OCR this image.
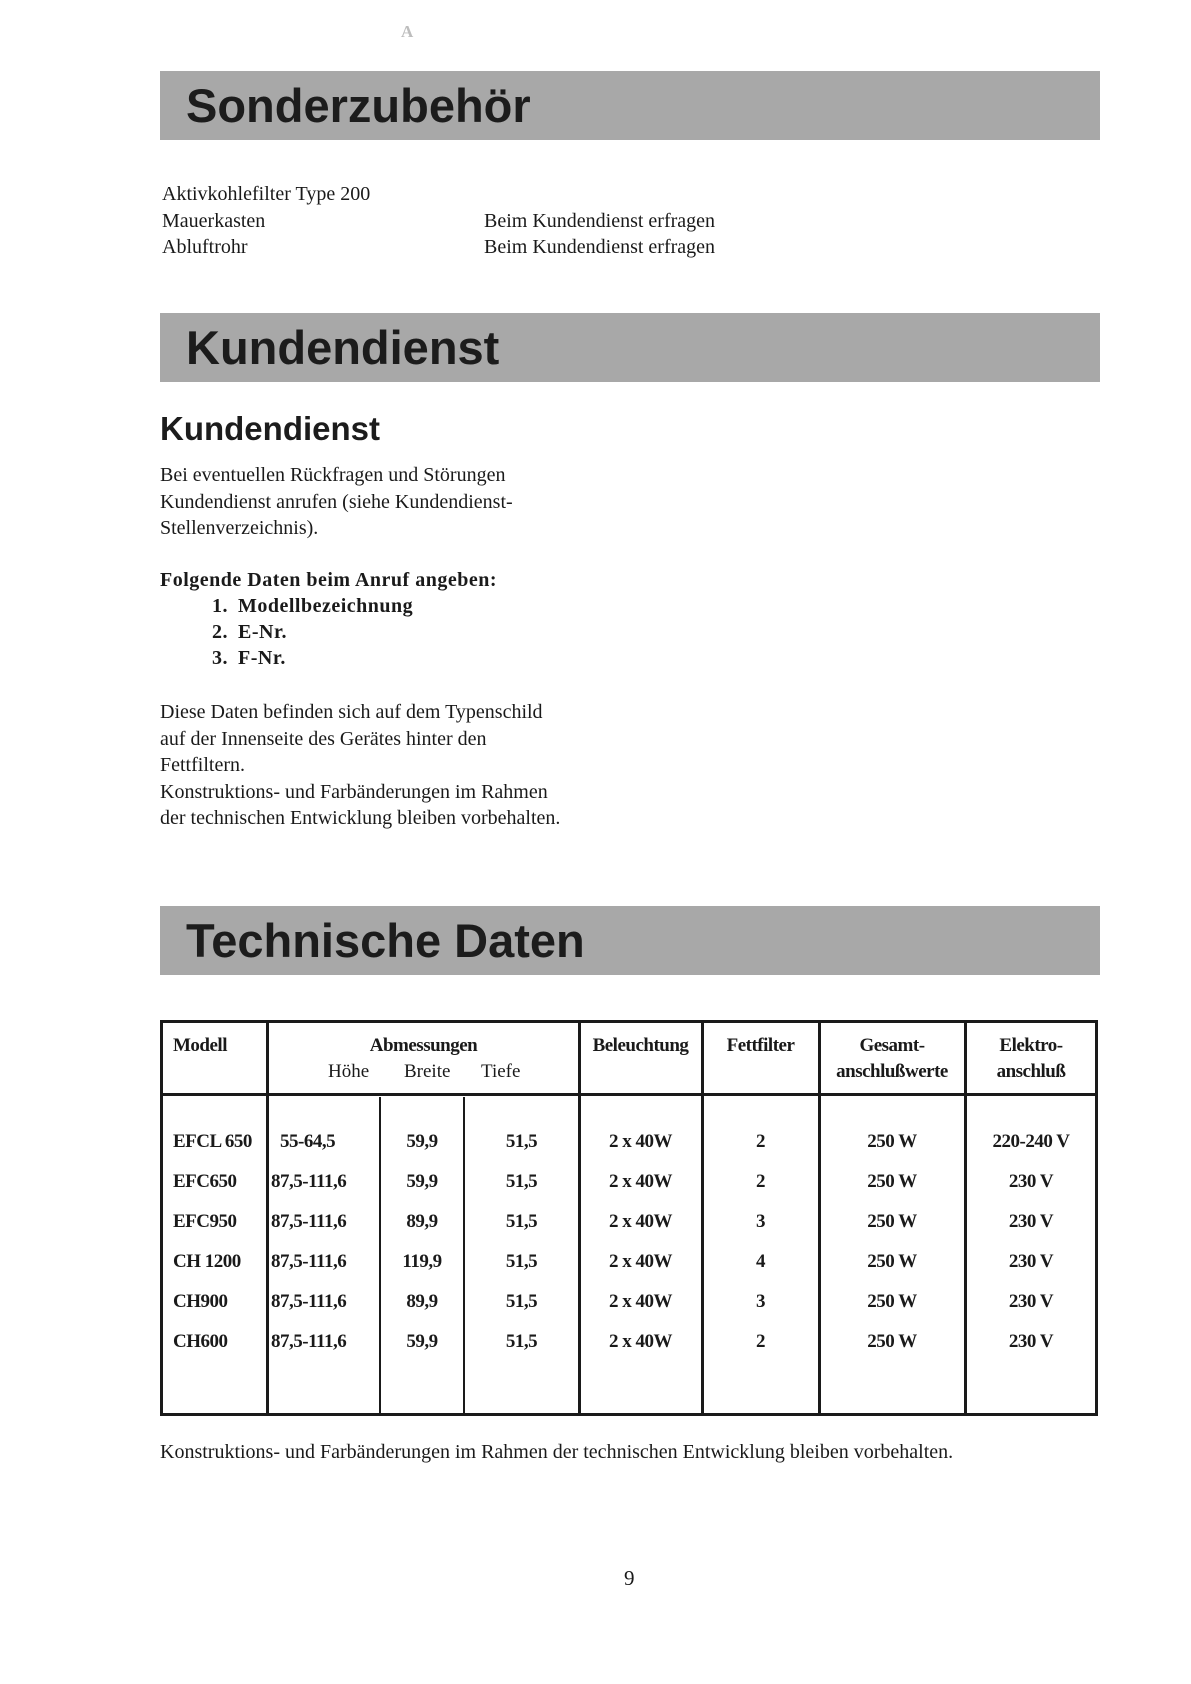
A
Sonderzubehör
Aktivkohlefilter Type 200
Mauerkasten	Beim Kundendienst erfragen
Abluftrohr	Beim Kundendienst erfragen
Kundendienst
Kundendienst
Bei eventuellen Rückfragen und Störungen
Kundendienst anrufen (siehe Kundendienst-
Stellenverzeichnis).
Folgende Daten beim Anruf angeben:
1. Modellbezeichnung
2. E-Nr.
3. F-Nr.
Diese Daten befinden sich auf dem Typenschild
auf der Innenseite des Gerätes hinter den
Fettfiltern.
Konstruktions- und Farbänderungen im Rahmen
der technischen Entwicklung bleiben vorbehalten.
Technische Daten
Modell	Abmessungen
Höhe Breite Tiefe
Beleuchtung	Fettfilter	Gesamt-
anschlußwerte
Elektro-
anschluß
EFCL 650 55-64,5	59,9	51,5	2 x 40W	2	250 W	220-240 V
EFC650 87,5-111,6	59,9	51,5	2 x 40W	2	250 W	230 V
EFC950 87,5-111,6	89,9	51,5	2 x 40W	3	250 W	230 V
CH 1200 87,5-111,6	119,9	51,5	2 x 40W	4	250 W	230 V
CH900 87,5-111,6	89,9	51,5	2 x 40W	3	250 W	230 V
CH600 87,5-111,6	59,9	51,5	2 x 40W	2	250 W	230 V

Konstruktions- und Farbänderungen im Rahmen der technischen Entwicklung bleiben vorbehalten.

9
